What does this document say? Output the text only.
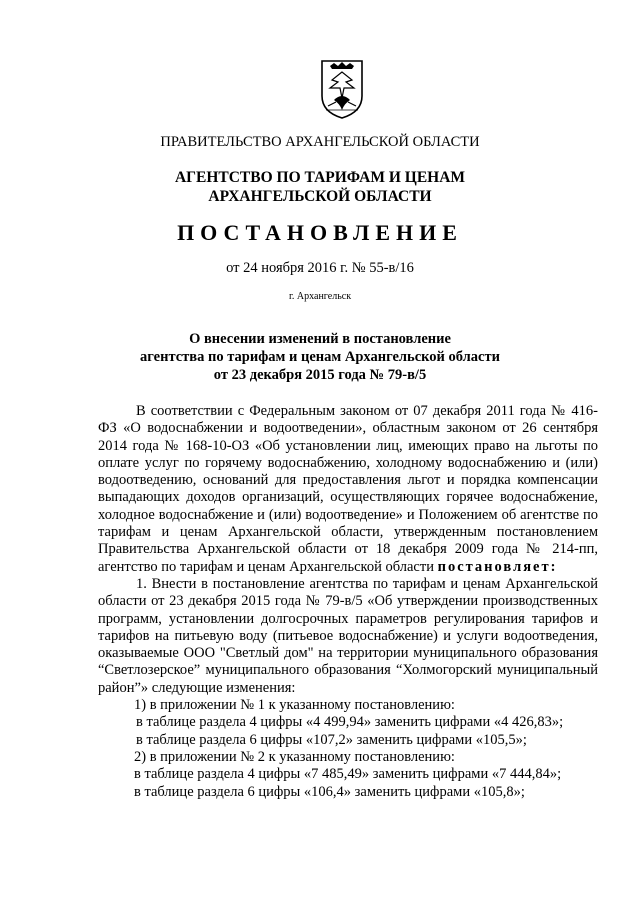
ПРАВИТЕЛЬСТВО АРХАНГЕЛЬСКОЙ ОБЛАСТИ
АГЕНТСТВО ПО ТАРИФАМ И ЦЕНАМ
АРХАНГЕЛЬСКОЙ ОБЛАСТИ
ПОСТАНОВЛЕНИЕ
от 24 ноября 2016 г. № 55-в/16
г. Архангельск
О внесении изменений в постановление
агентства по тарифам и ценам Архангельской области
от 23 декабря 2015 года № 79-в/5

В соответствии с Федеральным законом от 07 декабря 2011 года № 416-ФЗ «О водоснабжении и водоотведении», областным законом от 26 сентября 2014 года № 168-10-ОЗ «Об установлении лиц, имеющих право на льготы по оплате услуг по горячему водоснабжению, холодному водоснабжению и (или) водоотведению, оснований для предоставления льгот и порядка компенсации выпадающих доходов организаций, осуществляющих горячее водоснабжение, холодное водоснабжение и (или) водоотведение» и Положением об агентстве по тарифам и ценам Архангельской области, утвержденным постановлением Правительства Архангельской области от 18 декабря 2009 года № 214-пп, агентство по тарифам и ценам Архангельской области постановляет:

1. Внести в постановление агентства по тарифам и ценам Архангельской области от 23 декабря 2015 года № 79-в/5 «Об утверждении производственных программ, установлении долгосрочных параметров регулирования тарифов и тарифов на питьевую воду (питьевое водоснабжение) и услуги водоотведения, оказываемые ООО "Светлый дом" на территории муниципального образования “Светлозерское” муниципального образования “Холмогорский муниципальный район”» следующие изменения:

1) в приложении № 1 к указанному постановлению:
в таблице раздела 4 цифры «4 499,94» заменить цифрами «4 426,83»;
в таблице раздела 6 цифры «107,2» заменить цифрами «105,5»;
2) в приложении № 2 к указанному постановлению:
в таблице раздела 4 цифры «7 485,49» заменить цифрами «7 444,84»;
в таблице раздела 6 цифры «106,4» заменить цифрами «105,8»;
